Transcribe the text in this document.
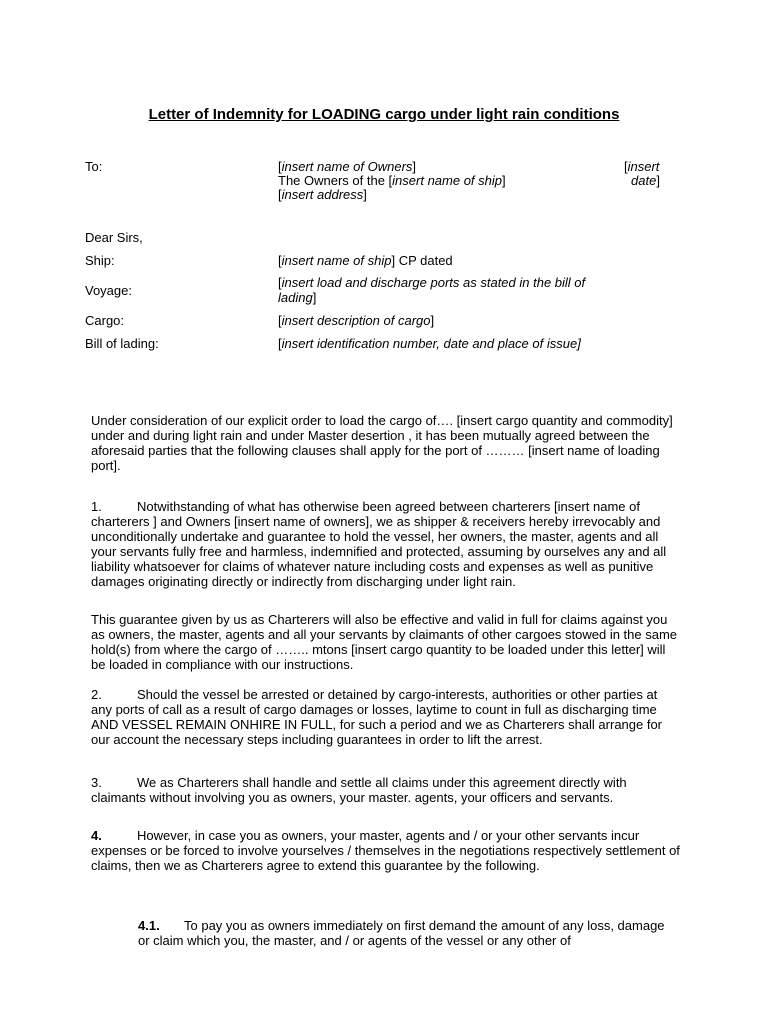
Letter of Indemnity for LOADING cargo under light rain conditions
To:	[insert name of Owners]
The Owners of the [insert name of ship]
[insert address]
[insert
date]
Dear Sirs,
Ship:	[insert name of ship] CP dated
Voyage:
[insert load and discharge ports as stated in the bill of lading]
Cargo:	[insert description of cargo]
Bill of lading:	[insert identification number, date and place of issue]
Under consideration of our explicit order to load the cargo of…. [insert cargo quantity and commodity] under and during light rain and under Master desertion , it has been mutually agreed between the aforesaid parties that the following clauses shall apply for the port of ……… [insert name of loading port].
1.	Notwithstanding of what has otherwise been agreed between charterers [insert name of charterers ] and Owners [insert name of owners], we as shipper & receivers hereby irrevocably and unconditionally undertake and guarantee to hold the vessel, her owners, the master, agents and all your servants fully free and harmless, indemnified and protected, assuming by ourselves any and all liability whatsoever for claims of whatever nature including costs and expenses as well as punitive damages originating directly or indirectly from discharging under light rain.
This guarantee given by us as Charterers will also be effective and valid in full for claims against you as owners, the master, agents and all your servants by claimants of other cargoes stowed in the same hold(s) from where the cargo of …….. mtons [insert cargo quantity to be loaded under this letter] will be loaded in compliance with our instructions.
2.	Should the vessel be arrested or detained by cargo-interests, authorities or other parties at any ports of call as a result of cargo damages or losses, laytime to count in full as discharging time AND VESSEL REMAIN ONHIRE IN FULL, for such a period and we as Charterers shall arrange for our account the necessary steps including guarantees in order to lift the arrest.
3.	We as Charterers shall handle and settle all claims under this agreement directly with claimants without involving you as owners, your master. agents, your officers and servants.
4.	However, in case you as owners, your master, agents and / or your other servants incur expenses or be forced to involve yourselves / themselves in the negotiations respectively settlement of claims, then we as Charterers agree to extend this guarantee by the following.
4.1. To pay you as owners immediately on first demand the amount of any loss, damage or claim which you, the master, and / or agents of the vessel or any other of
